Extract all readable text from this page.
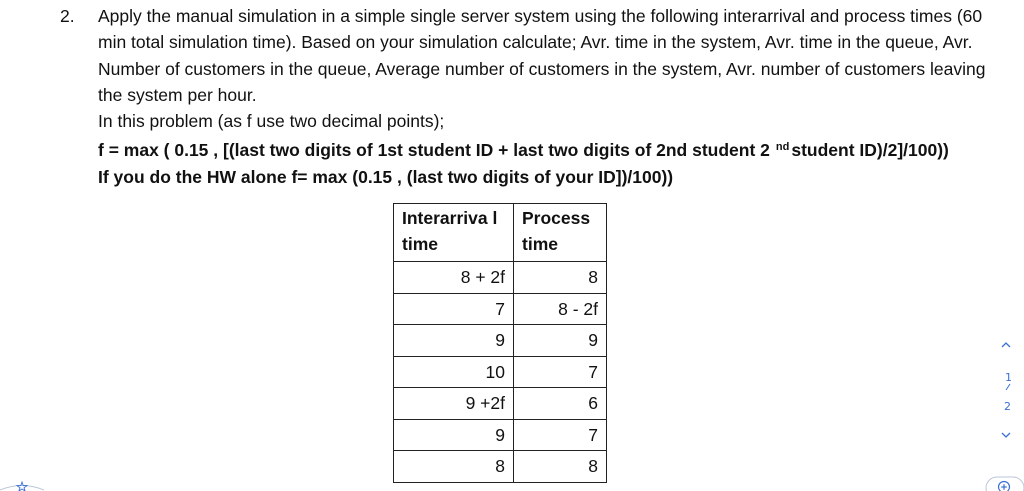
2. Apply the manual simulation in a simple single server system using the following interarrival and process times (60 min total simulation time). Based on your simulation calculate; Avr. time in the system, Avr. time in the queue, Avr. Number of customers in the queue, Average number of customers in the system, Avr. number of customers leaving the system per hour.

In this problem (as f use two decimal points);

f = max ( 0.15 , [(last two digits of 1st student ID + last two digits of 2nd student 2 $^{nd}$ student ID)/2]/100))

If you do the HW alone f= max (0.15 , (last two digits of your ID])/100))

Interarriva l time	Process time
8 + 2f	8
7	8 - 2f
9	9
10	7
9 +2f	6
9	7
8	8
1
2
